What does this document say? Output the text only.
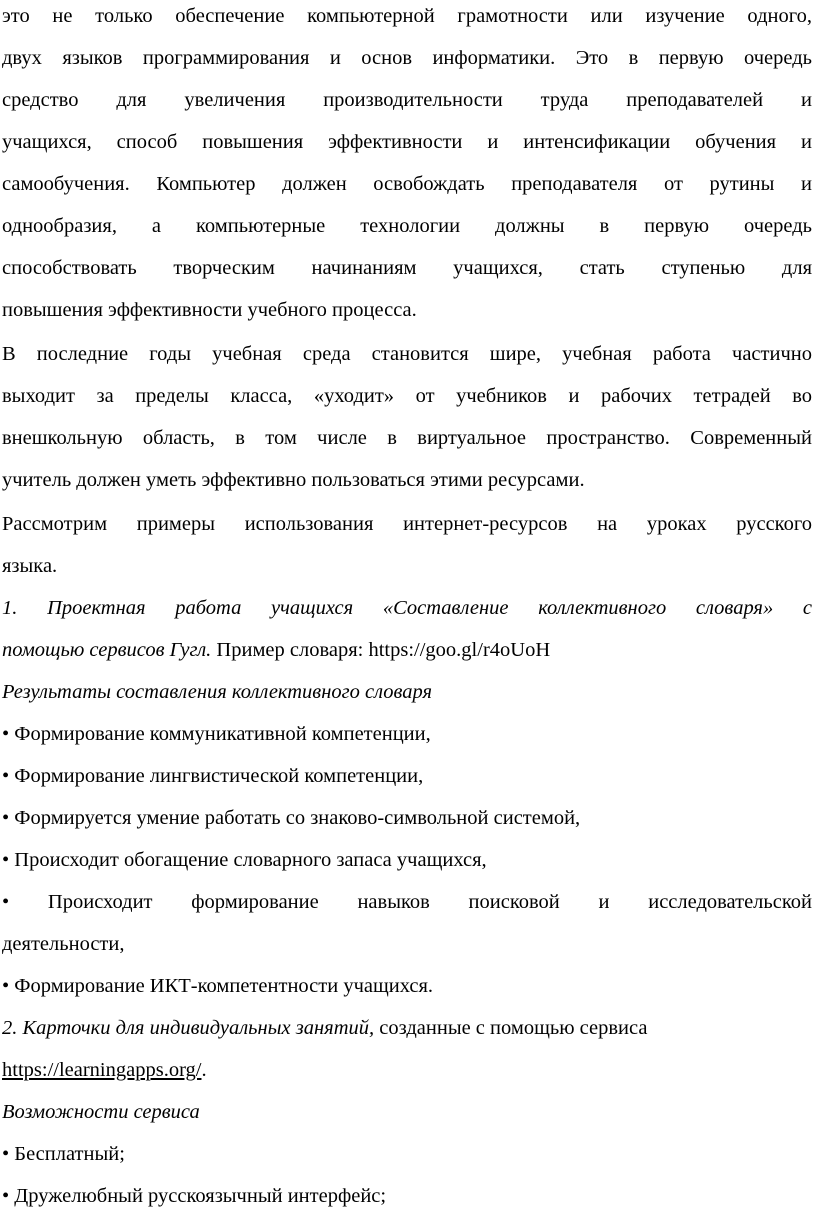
это не только обеспечение компьютерной грамотности или изучение одного,
двух языков программирования и основ информатики. Это в первую очередь
средство для увеличения производительности труда преподавателей и
учащихся, способ повышения эффективности и интенсификации обучения и
самообучения. Компьютер должен освобождать преподавателя от рутины и
однообразия, а компьютерные технологии должны в первую очередь
способствовать творческим начинаниям учащихся, стать ступенью для
повышения эффективности учебного процесса.
В последние годы учебная среда становится шире, учебная работа частично
выходит за пределы класса, «уходит» от учебников и рабочих тетрадей во
внешкольную область, в том числе в виртуальное пространство. Современный
учитель должен уметь эффективно пользоваться этими ресурсами.
Рассмотрим примеры использования интернет-ресурсов на уроках русского
языка.
1. Проектная работа учащихся «Составление коллективного словаря» с
помощью сервисов Гугл. Пример словаря: https://goo.gl/r4oUoH
Результаты составления коллективного словаря
• Формирование коммуникативной компетенции,
• Формирование лингвистической компетенции,
• Формируется умение работать со знаково-символьной системой,
• Происходит обогащение словарного запаса учащихся,
• Происходит формирование навыков поисковой и исследовательской
деятельности,
• Формирование ИКТ-компетентности учащихся.
2. Карточки для индивидуальных занятий, созданные с помощью сервиса
https://learningapps.org/.
Возможности сервиса
• Бесплатный;
• Дружелюбный русскоязычный интерфейс;
